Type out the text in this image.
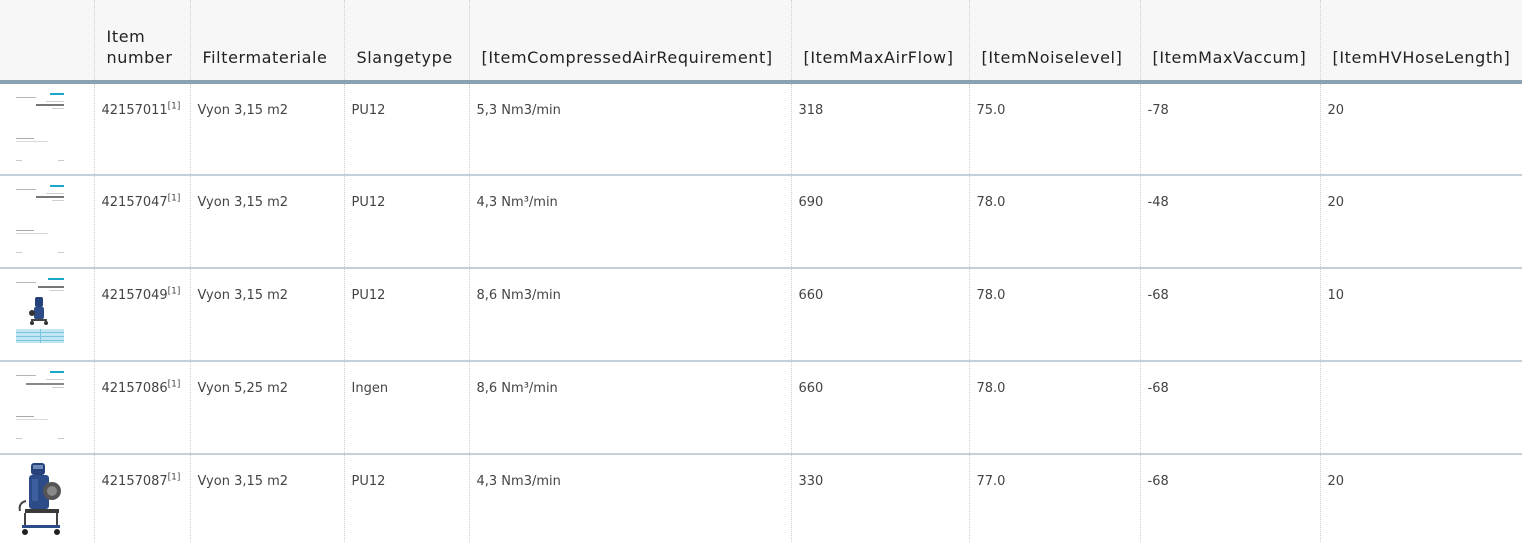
	Item number	Filtermateriale	Slangetype	[ItemCompressedAirRequirement]	[ItemMaxAirFlow]	[ItemNoiselevel]	[ItemMaxVaccum]	[ItemHVHoseLength]

	42157011[1]	Vyon 3,15 m2	PU12	5,3 Nm3/min	318	75.0	-78	20

	42157047[1]	Vyon 3,15 m2	PU12	4,3 Nm³/min	690	78.0	-48	20

	42157049[1]	Vyon 3,15 m2	PU12	8,6 Nm3/min	660	78.0	-68	10

	42157086[1]	Vyon 5,25 m2	Ingen	8,6 Nm³/min	660	78.0	-68	

	42157087[1]	Vyon 3,15 m2	PU12	4,3 Nm3/min	330	77.0	-68	20
